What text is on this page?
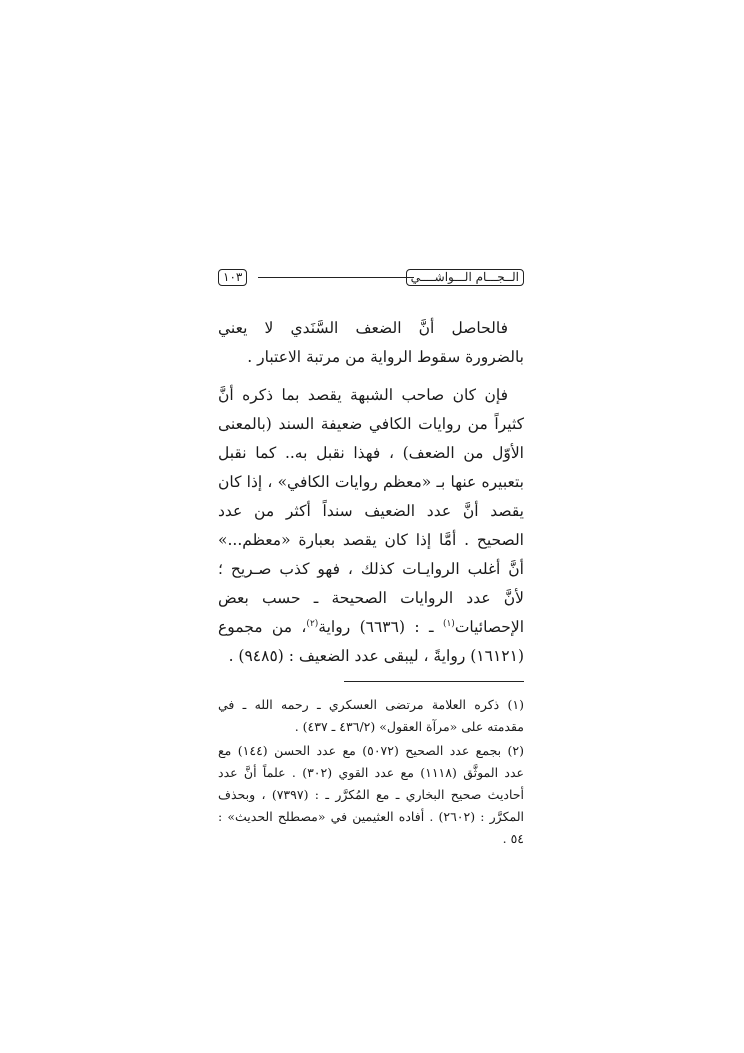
الــجـــام الـــواشــــي
١٠٣

فالحاصل أنَّ الضعف السَّنَدي لا يعني بالضرورة سقوط الرواية من مرتبة الاعتبار .

فإن كان صاحب الشبهة يقصد بما ذكره أنَّ كثيراً من روايات الكافي ضعيفة السند (بالمعنى الأوّل من الضعف) ، فهذا نقبل به.. كما نقبل بتعبيره عنها بـ «معظم روايات الكافي» ، إذا كان يقصد أنَّ عدد الضعيف سنداً أكثر من عدد الصحيح . أمَّا إذا كان يقصد بعبارة «معظم...» أنَّ أغلب الروايـات كذلك ، فهو كذب صـريح ؛ لأنَّ عدد الروايات الصحيحة ـ حسب بعض الإحصائيات$^{(١)}$ ـ : (٦٦٣٦) رواية$^{(٢)}$، من مجموع (١٦١٢١) روايةً ، ليبقى عدد الضعيف : (٩٤٨٥) .

(١) ذكره العلامة مرتضى العسكري ـ رحمه الله ـ في مقدمته على «مرآة العقول» (٤٣٦/٢ ـ ٤٣٧) .

(٢) بجمع عدد الصحيح (٥٠٧٢) مع عدد الحسن (١٤٤) مع عدد الموثَّق (١١١٨) مع عدد القوي (٣٠٢) . علماً أنَّ عدد أحاديث صحيح البخاري ـ مع المُكرَّر ـ : (٧٣٩٧) ، وبحذف المكرَّر : (٢٦٠٢) . أفاده العثيمين في «مصطلح الحديث» : ٥٤ .
